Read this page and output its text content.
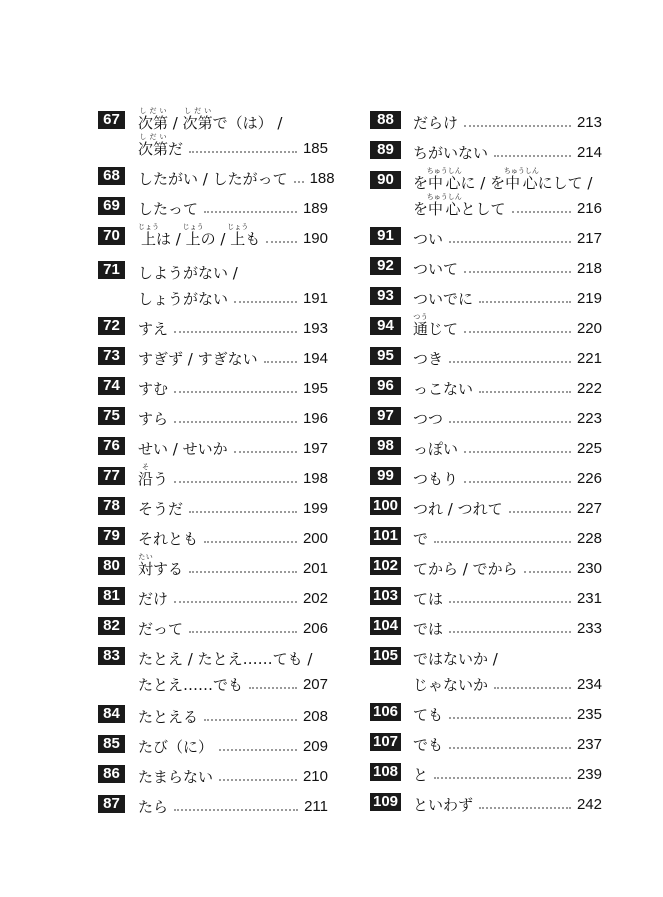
67	次第しだい / 次第しだいで（は） /
次第しだいだ	185
68	したがい / したがって 188
69	したって	189
70	上じょうは / 上じょうの / 上じょうも	190
71	しようがない /
しょうがない	191
72	すえ	193
73	すぎず / すぎない	194
74	すむ	195
75	すら	196
76	せい / せいか	197
77	沿そう	198
78	そうだ	199
79	それとも	200
80	対たいする	201
81	だけ	202
82	だって	206
83	たとえ / たとえ……ても /
たとえ……でも	207
84	たとえる	208
85	たび（に）	209
86	たまらない	210
87	たら	211
88	だらけ	213
89	ちがいない	214
90	を中心ちゅうしんに / を中心ちゅうしんにして /
を中心ちゅうしんとして	216
91	つい	217
92	ついて	218
93	ついでに	219
94	通つうじて	220
95	つき	221
96	っこない	222
97	つつ	223
98	っぽい	225
99	つもり	226
100 つれ / つれて	227
101 で	228
102 てから / でから	230
103 ては	231
104 では	233
105 ではないか /
じゃないか	234
106 ても	235
107 でも	237
108 と	239
109 といわず	242
